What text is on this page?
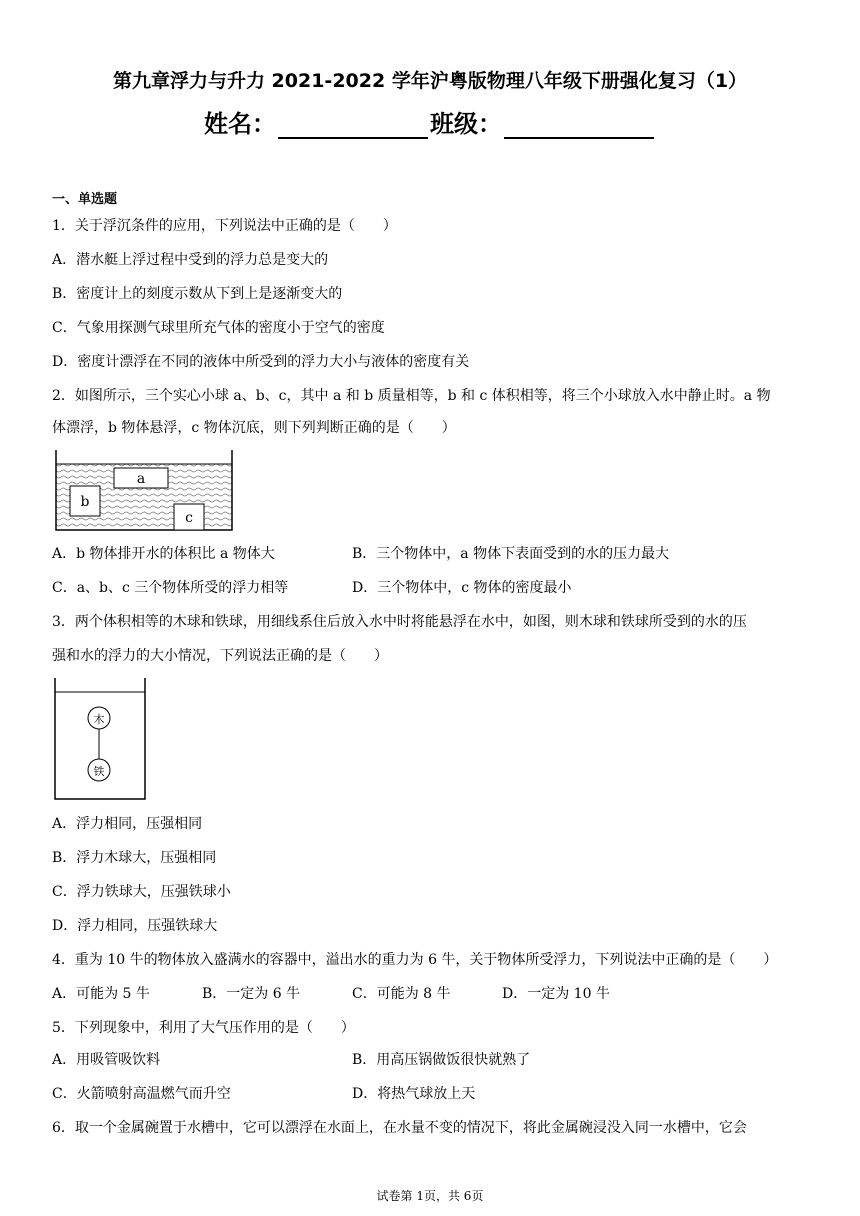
第九章浮力与升力 2021-2022 学年沪粤版物理八年级下册强化复习（1）
姓名：	班级：
一、单选题
1．关于浮沉条件的应用，下列说法中正确的是（　　）
A．潜水艇上浮过程中受到的浮力总是变大的
B．密度计上的刻度示数从下到上是逐渐变大的
C．气象用探测气球里所充气体的密度小于空气的密度
D．密度计漂浮在不同的液体中所受到的浮力大小与液体的密度有关
2．如图所示，三个实心小球 a、b、c，其中 a 和 b 质量相等，b 和 c 体积相等，将三个小球放入水中静止时。a 物
体漂浮，b 物体悬浮，c 物体沉底，则下列判断正确的是（　　）
a
b
c
A．b 物体排开水的体积比 a 物体大	B．三个物体中，a 物体下表面受到的水的压力最大
C．a、b、c 三个物体所受的浮力相等	D．三个物体中，c 物体的密度最小
3．两个体积相等的木球和铁球，用细线系住后放入水中时将能悬浮在水中，如图，则木球和铁球所受到的水的压
强和水的浮力的大小情况，下列说法正确的是（　　）
木
铁
A．浮力相同，压强相同
B．浮力木球大，压强相同
C．浮力铁球大，压强铁球小
D．浮力相同，压强铁球大
4．重为 10 牛的物体放入盛满水的容器中，溢出水的重力为 6 牛，关于物体所受浮力，下列说法中正确的是（　　）
A．可能为 5 牛	B．一定为 6 牛	C．可能为 8 牛	D．一定为 10 牛
5．下列现象中，利用了大气压作用的是（　　）
A．用吸管吸饮料	B．用高压锅做饭很快就熟了
C．火箭喷射高温燃气而升空	D．将热气球放上天
6．取一个金属碗置于水槽中，它可以漂浮在水面上，在水量不变的情况下，将此金属碗浸没入同一水槽中，它会
试卷第 1页，共 6页
